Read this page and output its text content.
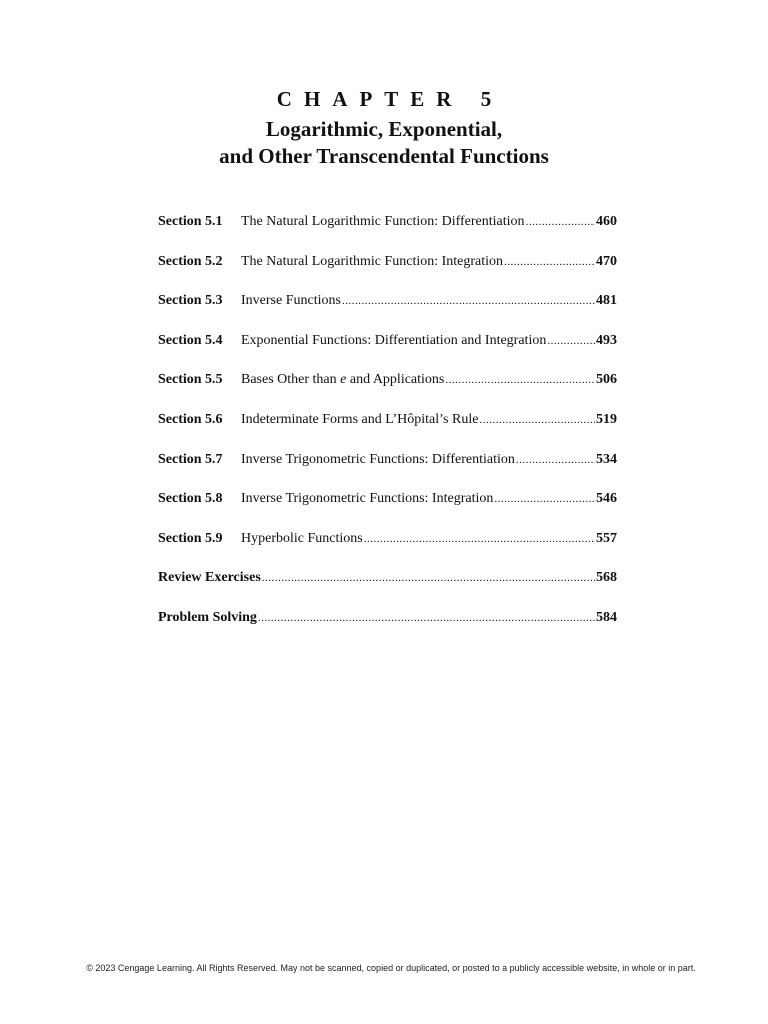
CHAPTER 5
Logarithmic, Exponential,
and Other Transcendental Functions
Section 5.1	The Natural Logarithmic Function: Differentiation .....	460
Section 5.2	The Natural Logarithmic Function: Integration .....	470
Section 5.3	Inverse Functions .....	481
Section 5.4	Exponential Functions: Differentiation and Integration .....	493
Section 5.5	Bases Other than e and Applications .....	506
Section 5.6	Indeterminate Forms and L’Hôpital’s Rule .....	519
Section 5.7	Inverse Trigonometric Functions: Differentiation .....	534
Section 5.8	Inverse Trigonometric Functions: Integration .....	546
Section 5.9	Hyperbolic Functions .....	557
Review Exercises .....	568
Problem Solving .....	584
© 2023 Cengage Learning. All Rights Reserved. May not be scanned, copied or duplicated, or posted to a publicly accessible website, in whole or in part.
